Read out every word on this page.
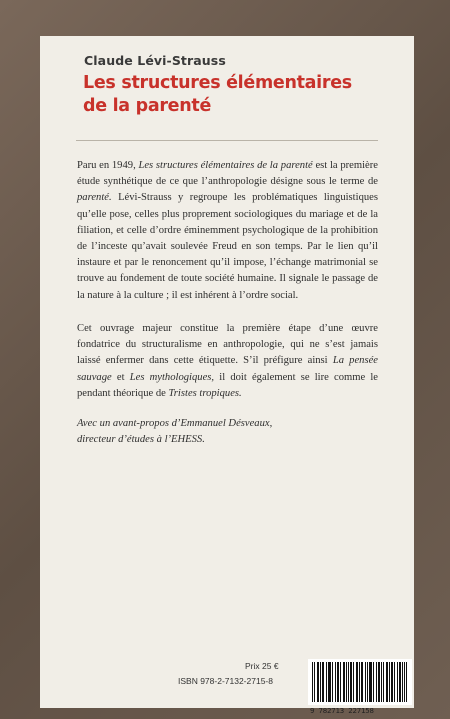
Claude Lévi-Strauss
Les structures élémentaires
de la parenté
Paru en 1949, Les structures élémentaires de la parenté est la première étude synthétique de ce que l’anthropologie désigne sous le terme de parenté. Lévi-Strauss y regroupe les problématiques linguistiques qu’elle pose, celles plus proprement sociologiques du mariage et de la filiation, et celle d’ordre éminemment psychologique de la prohibition de l’inceste qu’avait soulevée Freud en son temps. Par le lien qu’il instaure et par le renoncement qu’il impose, l’échange matrimonial se trouve au fondement de toute société humaine. Il signale le passage de la nature à la culture ; il est inhérent à l’ordre social.
Cet ouvrage majeur constitue la première étape d’une œuvre fondatrice du structuralisme en anthropologie, qui ne s’est jamais laissé enfermer dans cette étiquette. S’il préfigure ainsi La pensée sauvage et Les mythologiques, il doit également se lire comme le pendant théorique de Tristes tropiques.
Avec un avant-propos d’Emmanuel Désveaux,
directeur d’études à l’EHESS.
Prix 25 €
ISBN 978-2-7132-2715-8
9 782713 227158
